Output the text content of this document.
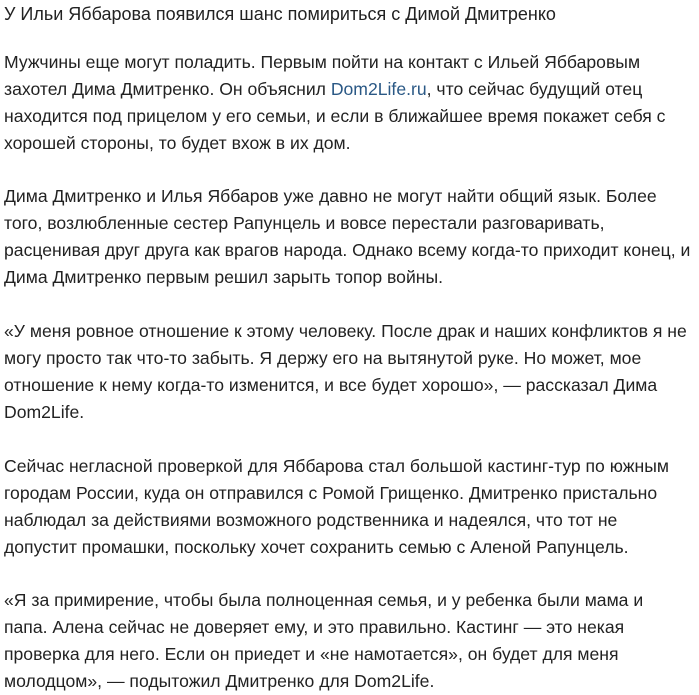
У Ильи Яббарова появился шанс помириться с Димой Дмитренко

Мужчины еще могут поладить. Первым пойти на контакт с Ильей Яббаровым захотел Дима Дмитренко. Он объяснил Dom2Life.ru, что сейчас будущий отец находится под прицелом у его семьи, и если в ближайшее время покажет себя с хорошей стороны, то будет вхож в их дом.

Дима Дмитренко и Илья Яббаров уже давно не могут найти общий язык. Более того, возлюбленные сестер Рапунцель и вовсе перестали разговаривать, расценивая друг друга как врагов народа. Однако всему когда-то приходит конец, и Дима Дмитренко первым решил зарыть топор войны.

«У меня ровное отношение к этому человеку. После драк и наших конфликтов я не могу просто так что-то забыть. Я держу его на вытянутой руке. Но может, мое отношение к нему когда-то изменится, и все будет хорошо», — рассказал Дима Dom2Life.

Сейчас негласной проверкой для Яббарова стал большой кастинг-тур по южным городам России, куда он отправился с Ромой Грищенко. Дмитренко пристально наблюдал за действиями возможного родственника и надеялся, что тот не допустит промашки, поскольку хочет сохранить семью с Аленой Рапунцель.

«Я за примирение, чтобы была полноценная семья, и у ребенка были мама и папа. Алена сейчас не доверяет ему, и это правильно. Кастинг — это некая проверка для него. Если он приедет и «не намотается», он будет для меня молодцом», — подытожил Дмитренко для Dom2Life.
